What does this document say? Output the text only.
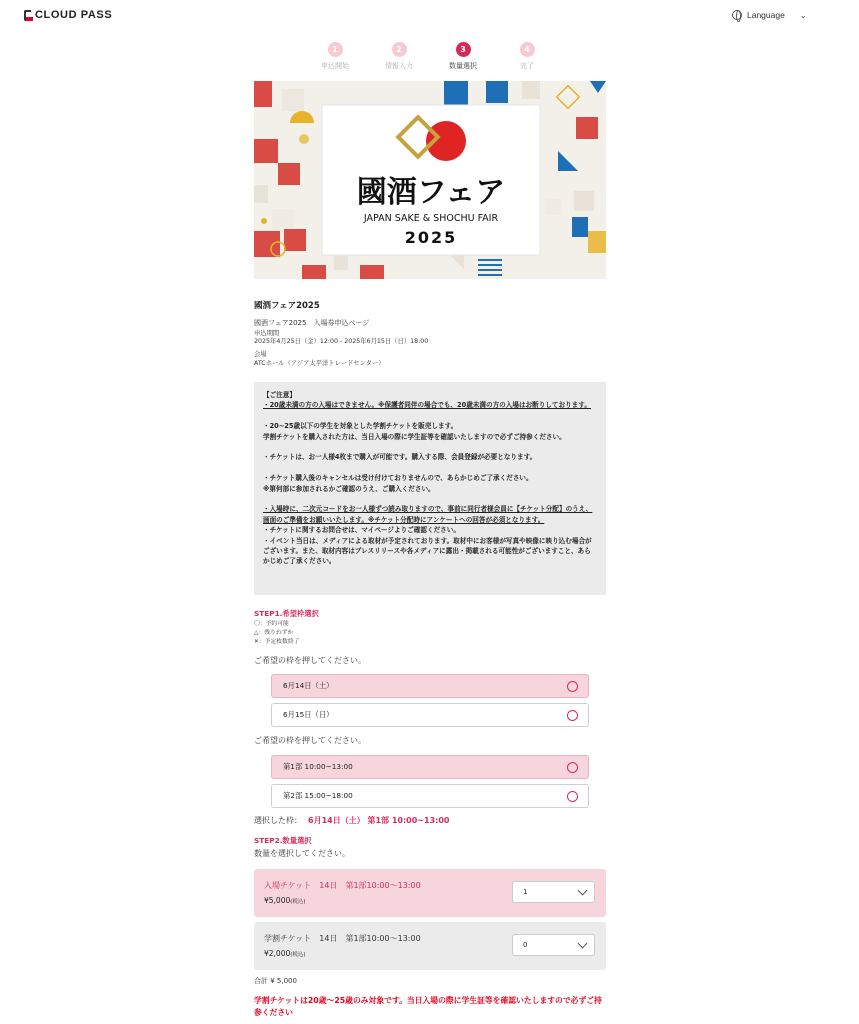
CLOUD PASS	Language ⌄
1
申込開始
2
情報入力
3
数量選択
4
完了
國酒フェア
JAPAN SAKE & SHOCHU FAIR
2025
國酒フェア2025
國酒フェア2025　入場券申込ページ
申込期間
2025年4月25日（金）12:00 - 2025年6月15日（日）18:00
会場
ATCホール（アジア太平洋トレードセンター）

【ご注意】

・20歳未満の方の入場はできません。※保護者同伴の場合でも、20歳未満の方の入場はお断りしております。

・20~25歳以下の学生を対象とした学割チケットを販売します。

学割チケットを購入された方は、当日入場の際に学生証等を確認いたしますので必ずご持参ください。

・チケットは、お一人様4枚まで購入が可能です。購入する際、会員登録が必要となります。

・チケット購入後のキャンセルは受け付けておりませんので、あらかじめご了承ください。

※第何部に参加されるかご確認のうえ、ご購入ください。

・入場時に、二次元コードをお一人様ずつ読み取りますので、事前に同行者様会員に【チケット分配】のうえ、画面のご準備をお願いいたします。※チケット分配時にアンケートへの回答が必須となります。

・チケットに関するお問合せは、マイページよりご確認ください。

・イベント当日は、メディアによる取材が予定されております。取材中にお客様が写真や映像に映り込む場合がございます。また、取材内容はプレスリリースや各メディアに露出・掲載される可能性がございますこと、あらかじめご了承ください。

STEP1.希望枠選択
〇：予約可能
△：残りわずか
✕：予定枚数終了
ご希望の枠を押してください。
6月14日（土）
6月15日（日）
ご希望の枠を押してください。
第1部 10:00~13:00
第2部 15:00~18:00
選択した枠： 6月14日（土） 第1部 10:00~13:00
STEP2.数量選択
数量を選択してください。
入場チケット　14日　第1部10:00〜13:00
¥5,000(税込)
1
学割チケット　14日　第1部10:00〜13:00
¥2,000(税込)
0
合計 ¥ 5,000
学割チケットは20歳〜25歳のみ対象です。当日入場の際に学生証等を確認いたしますので必ずご持参ください
